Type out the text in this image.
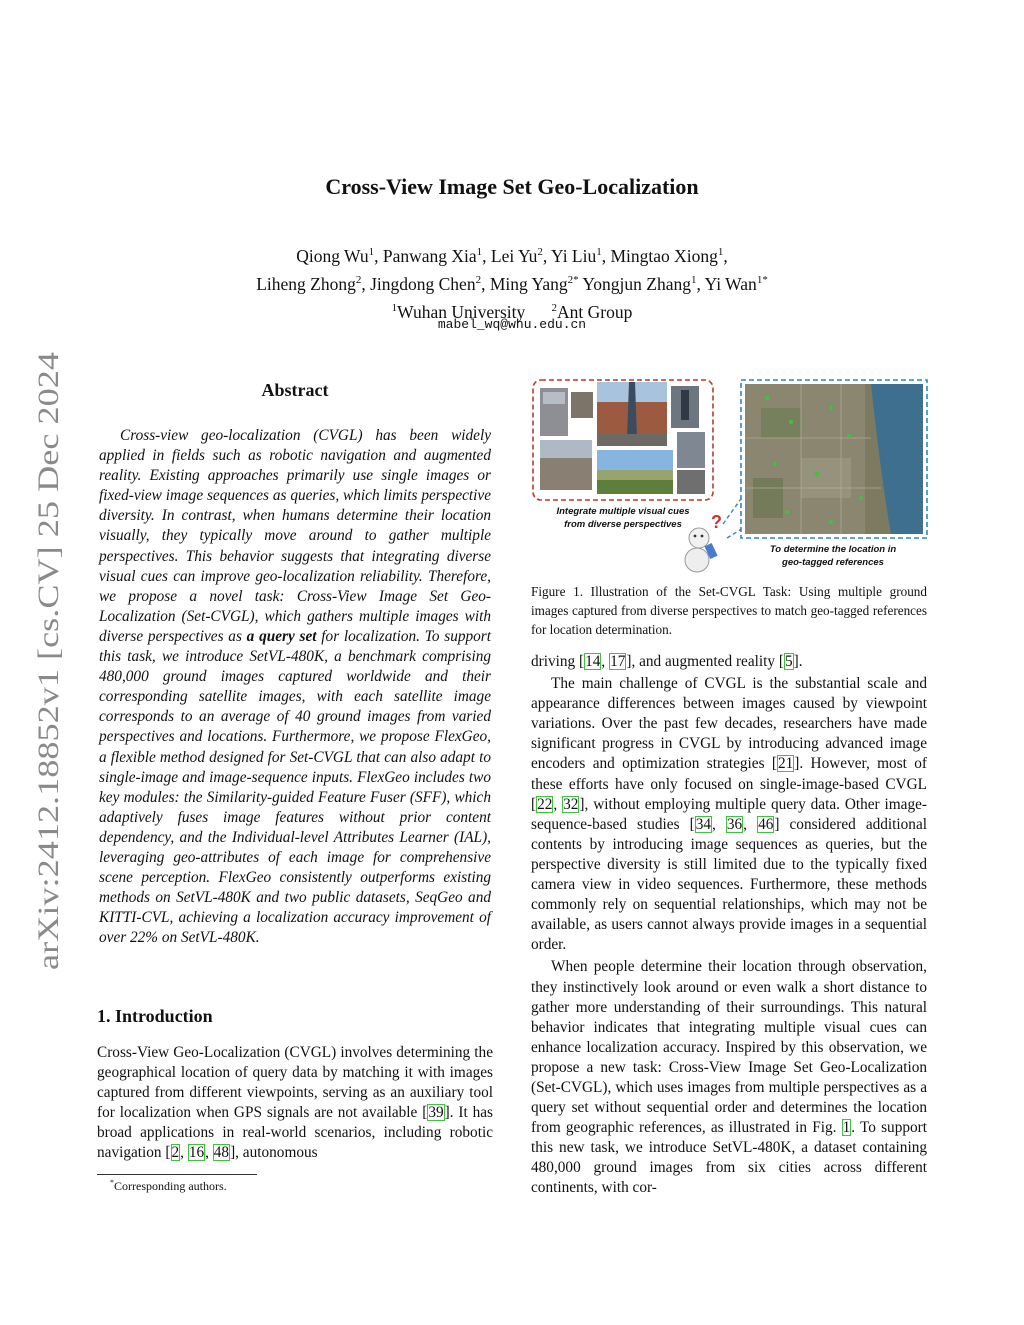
arXiv:2412.18852v1 [cs.CV] 25 Dec 2024
Cross-View Image Set Geo-Localization
Qiong Wu$^1$, Panwang Xia$^1$, Lei Yu$^2$, Yi Liu$^1$, Mingtao Xiong$^1$,
Liheng Zhong$^2$, Jingdong Chen$^2$, Ming Yang$^{2*}$ Yongjun Zhang$^1$, Yi Wan$^{1*}$
$^1$Wuhan University $^2$Ant Group
mabel_wq@whu.edu.cn
Abstract
Cross-view geo-localization (CVGL) has been widely applied in fields such as robotic navigation and augmented reality. Existing approaches primarily use single images or fixed-view image sequences as queries, which limits perspective diversity. In contrast, when humans determine their location visually, they typically move around to gather multiple perspectives. This behavior suggests that integrating diverse visual cues can improve geo-localization reliability. Therefore, we propose a novel task: Cross-View Image Set Geo-Localization (Set-CVGL), which gathers multiple images with diverse perspectives as a query set for localization. To support this task, we introduce SetVL-480K, a benchmark comprising 480,000 ground images captured worldwide and their corresponding satellite images, with each satellite image corresponds to an average of 40 ground images from varied perspectives and locations. Furthermore, we propose FlexGeo, a flexible method designed for Set-CVGL that can also adapt to single-image and image-sequence inputs. FlexGeo includes two key modules: the Similarity-guided Feature Fuser (SFF), which adaptively fuses image features without prior content dependency, and the Individual-level Attributes Learner (IAL), leveraging geo-attributes of each image for comprehensive scene perception. FlexGeo consistently outperforms existing methods on SetVL-480K and two public datasets, SeqGeo and KITTI-CVL, achieving a localization accuracy improvement of over 22% on SetVL-480K.
1. Introduction
Cross-View Geo-Localization (CVGL) involves determining the geographical location of query data by matching it with images captured from different viewpoints, serving as an auxiliary tool for localization when GPS signals are not available [39]. It has broad applications in real-world scenarios, including robotic navigation [2, 16, 48], autonomous
*Corresponding authors.
Integrate multiple visual cues
from diverse perspectives ?
To determine the location in
geo-tagged references
Figure 1. Illustration of the Set-CVGL Task: Using multiple ground images captured from diverse perspectives to match geo-tagged references for location determination.

driving [14, 17], and augmented reality [5].

The main challenge of CVGL is the substantial scale and appearance differences between images caused by viewpoint variations. Over the past few decades, researchers have made significant progress in CVGL by introducing advanced image encoders and optimization strategies [21]. However, most of these efforts have only focused on single-image-based CVGL [22, 32], without employing multiple query data. Other image-sequence-based studies [34, 36, 46] considered additional contents by introducing image sequences as queries, but the perspective diversity is still limited due to the typically fixed camera view in video sequences. Furthermore, these methods commonly rely on sequential relationships, which may not be available, as users cannot always provide images in a sequential order.

When people determine their location through observation, they instinctively look around or even walk a short distance to gather more understanding of their surroundings. This natural behavior indicates that integrating multiple visual cues can enhance localization accuracy. Inspired by this observation, we propose a new task: Cross-View Image Set Geo-Localization (Set-CVGL), which uses images from multiple perspectives as a query set without sequential order and determines the location from geographic references, as illustrated in Fig. 1. To support this new task, we introduce SetVL-480K, a dataset containing 480,000 ground images from six cities across different continents, with cor-
